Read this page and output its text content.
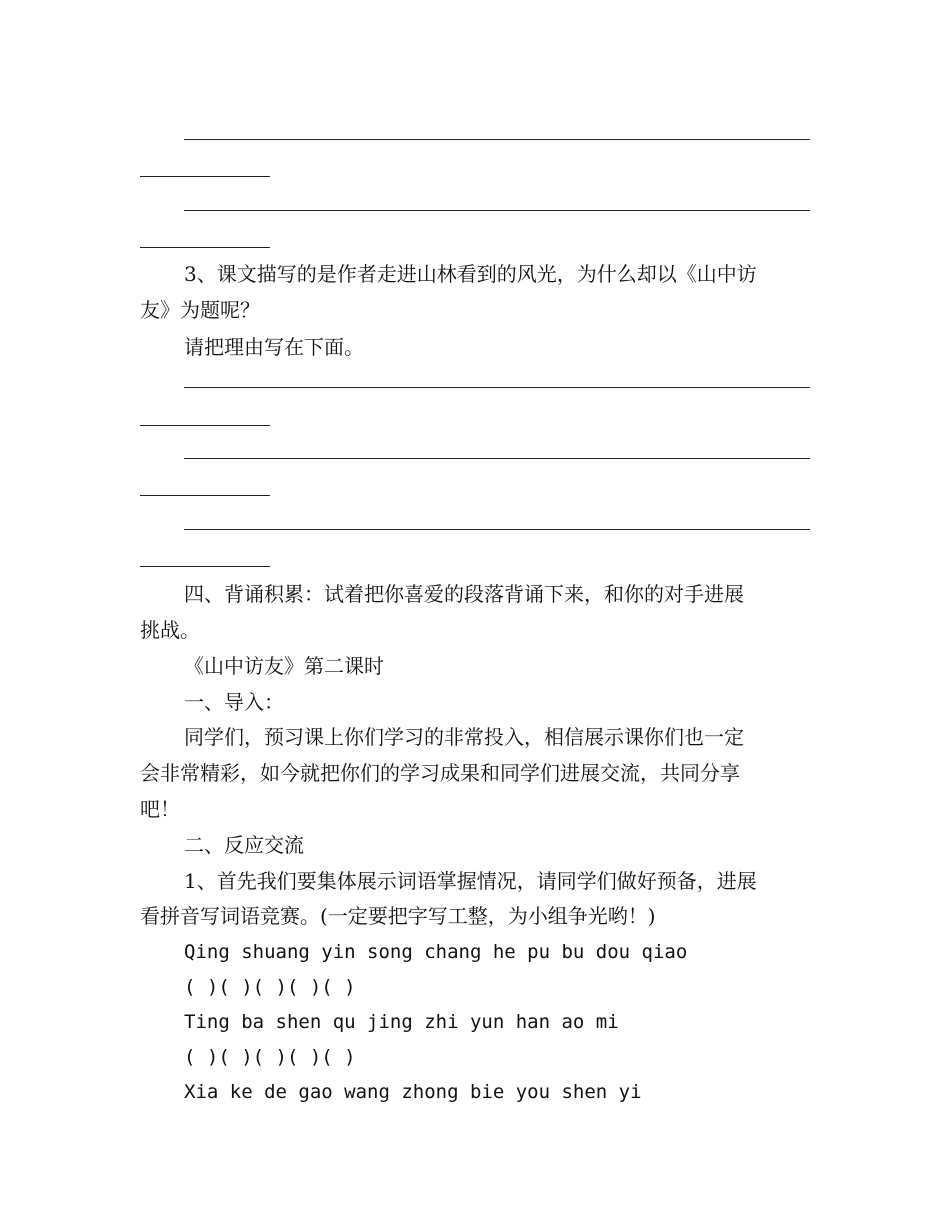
3、课文描写的是作者走进山林看到的风光，为什么却以《山中访
友》为题呢？
请把理由写在下面。
四、背诵积累：试着把你喜爱的段落背诵下来，和你的对手进展
挑战。
《山中访友》第二课时
一、导入：
同学们，预习课上你们学习的非常投入，相信展示课你们也一定
会非常精彩，如今就把你们的学习成果和同学们进展交流，共同分享
吧！
二、反应交流
1、首先我们要集体展示词语掌握情况，请同学们做好预备，进展
看拼音写词语竞赛。(一定要把字写工整，为小组争光哟！)
Qing shuang yin song chang he pu bu dou qiao
( )( )( )( )( )
Ting ba shen qu jing zhi yun han ao mi
( )( )( )( )( )
Xia ke de gao wang zhong bie you shen yi
